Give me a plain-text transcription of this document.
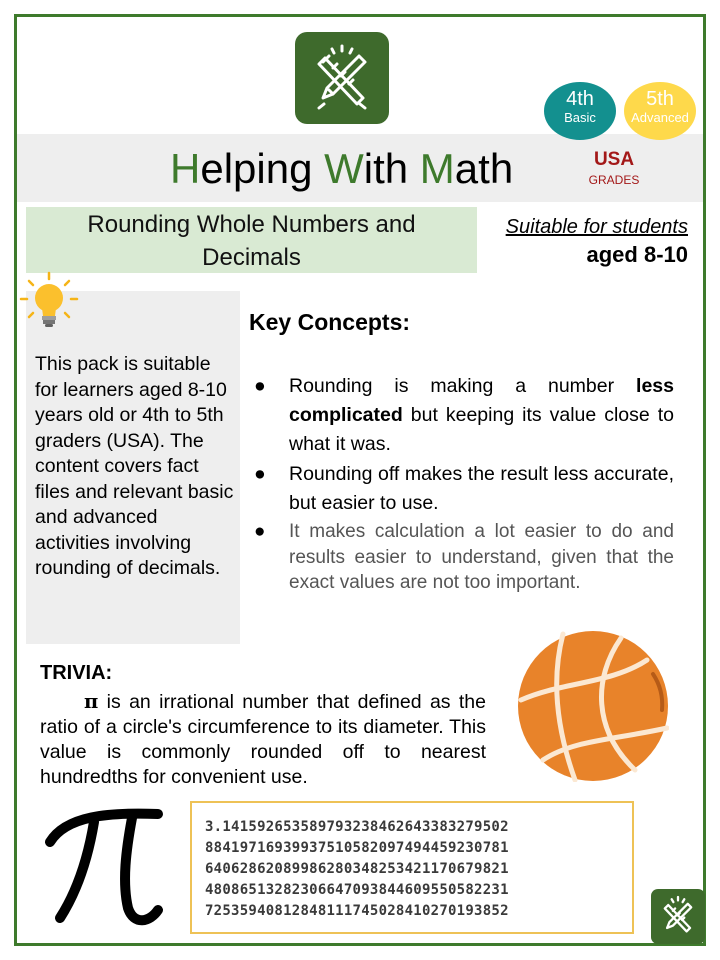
Helping With Math
4th
Basic
5th
Advanced
USA
GRADES
Rounding Whole Numbers and
Decimals
Suitable for students
aged 8-10
This pack is suitable for learners aged 8-10 years old or 4th to 5th graders (USA). The content covers fact files and relevant basic and advanced activities involving rounding of decimals.
Key Concepts:
● Rounding is making a number less complicated but keeping its value close to what it was.
● Rounding off makes the result less accurate, but easier to use.
● It makes calculation a lot easier to do and results easier to understand, given that the exact values are not too important.
TRIVIA:
π is an irrational number that defined as the ratio of a circle's circumference to its diameter. This value is commonly rounded off to nearest hundredths for convenient use.
3.141592653589793238462643383279502
88419716939937510582097494459230781
64062862089986280348253421170679821
48086513282306647093844609550582231
72535940812848111745028410270193852
